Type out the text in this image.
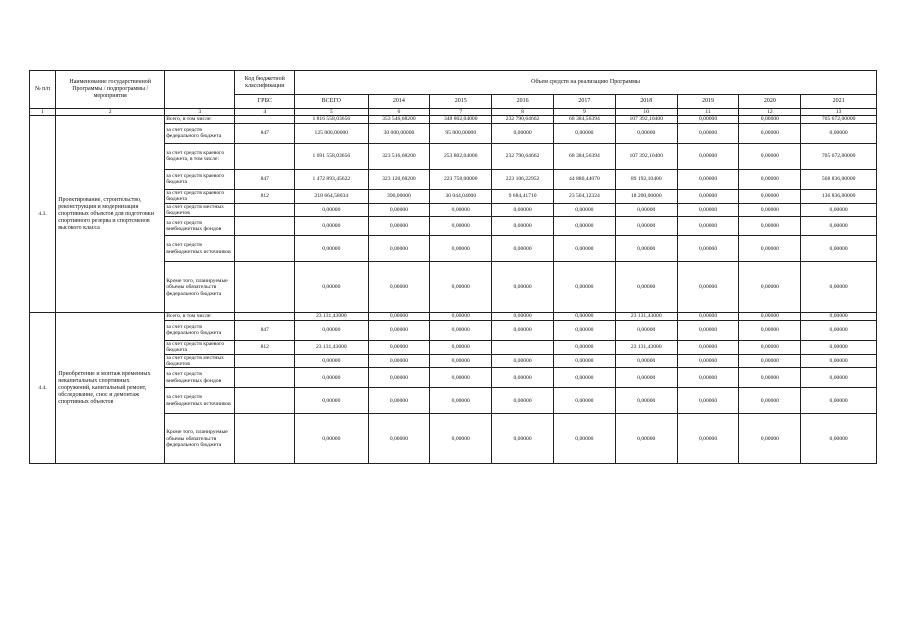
№ п/п	Наименование государственной Программы / подпрограммы / мероприятия		Код бюджетной классификации	Объем средств на реализацию Программы								
			ГРБС	ВСЕГО	2014	2015	2016	2017	2018	2019	2020	2021
1	2	3	4	5	6	7	8	9	10	11	12	13
4.3.	Проектирование, строительство, реконструкция и модернизация спортивных объектов для подготовки спортивного резерва и спортсменов высокого класса	Всего, в том числе:		1 816 558,03656	353 546,68200	348 802,04000	232 790,64662	68 384,56394	107 392,10400	0,00000	0,00000	705 672,00000
		за счет средств федерального бюджета	847	125 000,00000	30 000,00000	95 000,00000	0,00000	0,00000	0,00000	0,00000	0,00000	0,00000
		за счет средств краевого бюджета, в том числе:		1 691 558,03656	323 516,68200	253 802,04000	232 790,64662	68 384,56394	107 392,10400	0,00000	0,00000	705 672,00000
		за счет средств краевого бюджета	847	1 472 893,45622	323 120,68200	223 758,00000	223 106,22952	44 880,44070	89 192,10400	0,00000	0,00000	568 836,00000
		за счет средств краевого бюджета	812	218 664,58034	396,00000	30 044,04000	9 684,41710	23 504,12324	18 200,00000	0,00000	0,00000	136 836,00000
		за счет средств местных бюджетов		0,00000	0,00000	0,00000	0,00000	0,00000	0,00000	0,00000	0,00000	0,00000
		за счет средств внебюджетных фондов		0,00000	0,00000	0,00000	0,00000	0,00000	0,00000	0,00000	0,00000	0,00000
		за счет средств внебюджетных источников		0,00000	0,00000	0,00000	0,00000	0,00000	0,00000	0,00000	0,00000	0,00000
		Кроме того, планируемые объемы обязательств федерального бюджета		0,00000	0,00000	0,00000	0,00000	0,00000	0,00000	0,00000	0,00000	0,00000
4.4.	Приобретение и монтаж временных некапитальных спортивных сооружений, капитальный ремонт, обследование, снос и демонтаж спортивных объектов	Всего, в том числе:		23 131,43000	0,00000	0,00000	0,00000	0,00000	23 131,43000	0,00000	0,00000	0,00000
		за счет средств федерального бюджета	847	0,00000	0,00000	0,00000	0,00000	0,00000	0,00000	0,00000	0,00000	0,00000
		за счет средств краевого бюджета	812	23 131,43000	0,00000	0,00000		0,00000	23 131,43000	0,00000	0,00000	0,00000
		за счет средств местных бюджетов		0,00000	0,00000	0,00000	0,00000	0,00000	0,00000	0,00000	0,00000	0,00000
		за счет средств внебюджетных фондов		0,00000	0,00000	0,00000	0,00000	0,00000	0,00000	0,00000	0,00000	0,00000
		за счет средств внебюджетных источников		0,00000	0,00000	0,00000	0,00000	0,00000	0,00000	0,00000	0,00000	0,00000
		Кроме того, планируемые объемы обязательств федерального бюджета		0,00000	0,00000	0,00000	0,00000	0,00000	0,00000	0,00000	0,00000	0,00000
